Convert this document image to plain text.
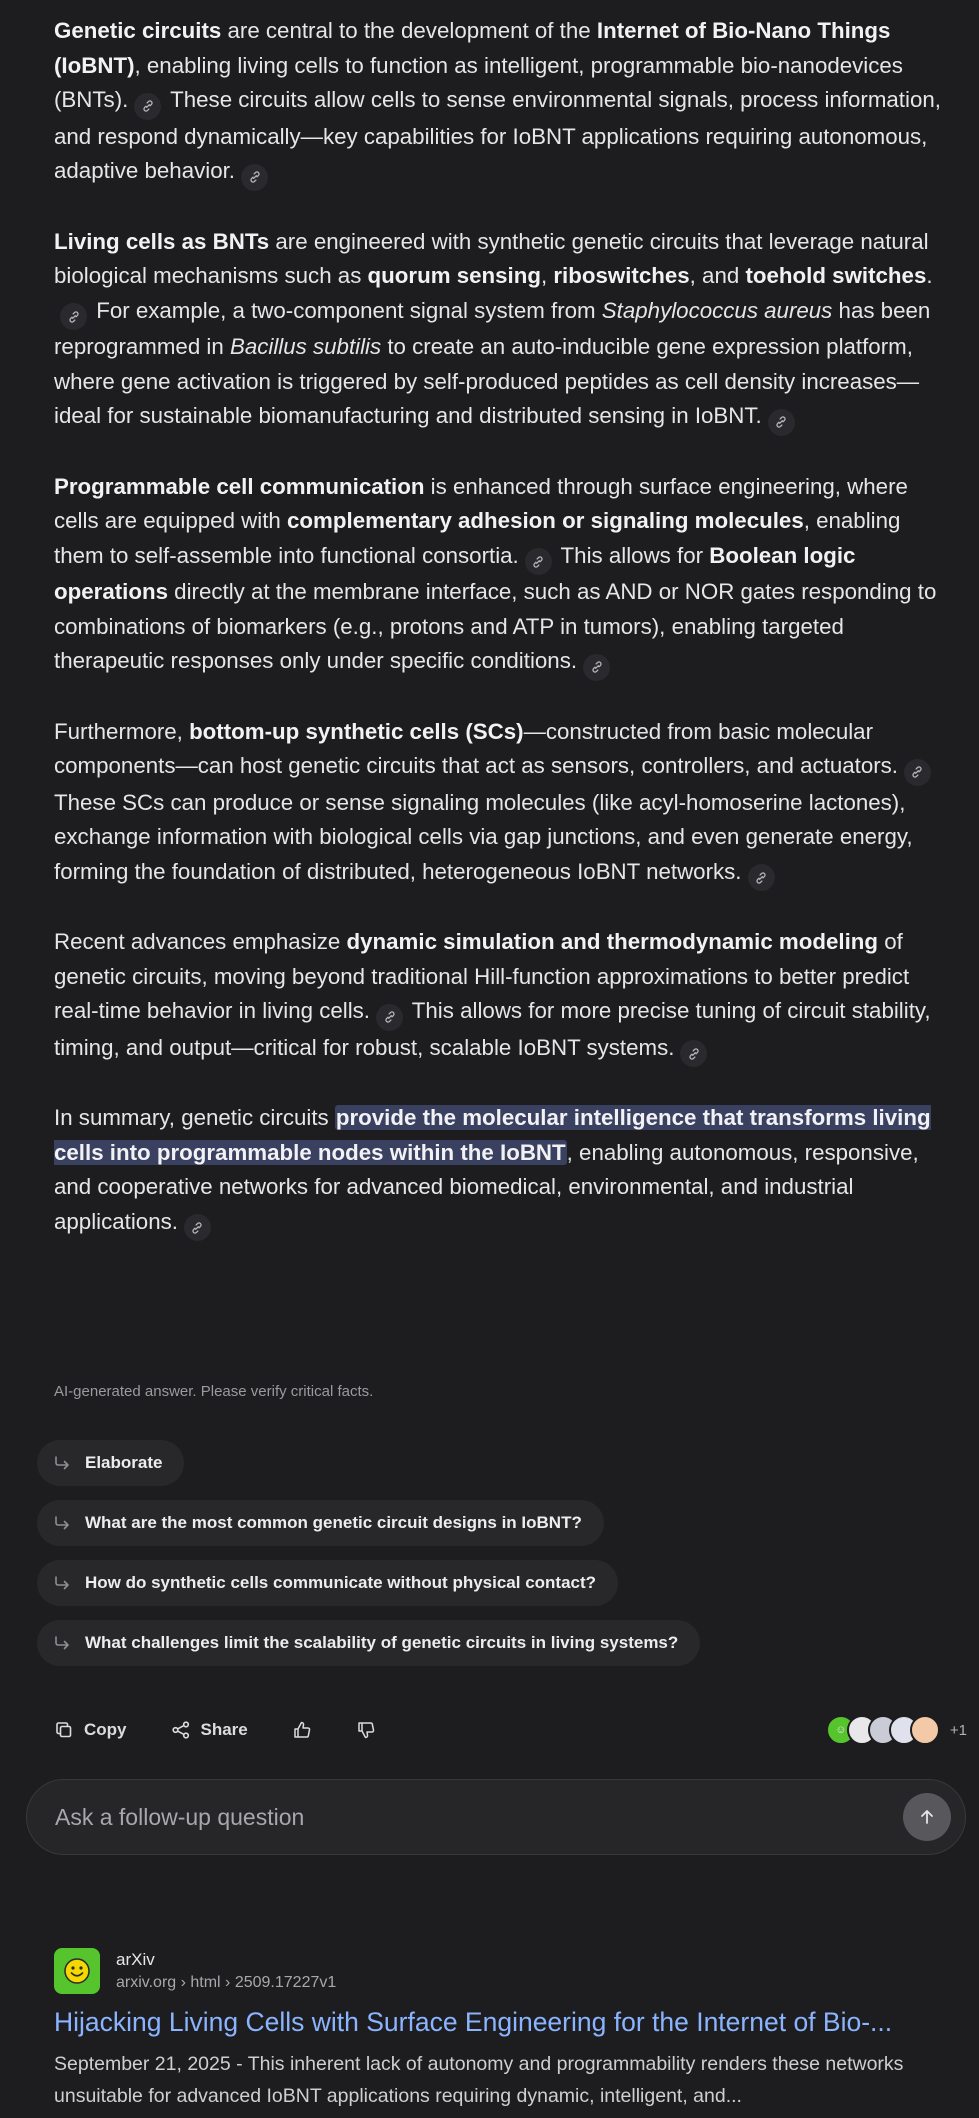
Genetic circuits are central to the development of the Internet of Bio-Nano Things (IoBNT), enabling living cells to function as intelligent, programmable bio-nanodevices (BNTs).
These circuits allow cells to sense environmental signals, process information, and respond dynamically—key capabilities for IoBNT applications requiring autonomous, adaptive behavior.

Living cells as BNTs are engineered with synthetic genetic circuits that leverage natural biological mechanisms such as quorum sensing, riboswitches, and toehold switches.
For example, a two-component signal system from Staphylococcus aureus has been reprogrammed in Bacillus subtilis to create an auto-inducible gene expression platform, where gene activation is triggered by self-produced peptides as cell density increases—ideal for sustainable biomanufacturing and distributed sensing in IoBNT.

Programmable cell communication is enhanced through surface engineering, where cells are equipped with complementary adhesion or signaling molecules, enabling them to self-assemble into functional consortia.
This allows for Boolean logic operations directly at the membrane interface, such as AND or NOR gates responding to combinations of biomarkers (e.g., protons and ATP in tumors), enabling targeted therapeutic responses only under specific conditions.

Furthermore, bottom-up synthetic cells (SCs)—constructed from basic molecular components—can host genetic circuits that act as sensors, controllers, and actuators.
These SCs can produce or sense signaling molecules (like acyl-homoserine lactones), exchange information with biological cells via gap junctions, and even generate energy, forming the foundation of distributed, heterogeneous IoBNT networks.

Recent advances emphasize dynamic simulation and thermodynamic modeling of genetic circuits, moving beyond traditional Hill-function approximations to better predict real-time behavior in living cells.
This allows for more precise tuning of circuit stability, timing, and output—critical for robust, scalable IoBNT systems.

In summary, genetic circuits provide the molecular intelligence that transforms living cells into programmable nodes within the IoBNT, enabling autonomous, responsive, and cooperative networks for advanced biomedical, environmental, and industrial applications.

AI-generated answer. Please verify critical facts.
Elaborate
What are the most common genetic circuit designs in IoBNT?
How do synthetic cells communicate without physical contact?
What challenges limit the scalability of genetic circuits in living systems?
Copy	Share	☺	+1
Ask a follow-up question
arXiv
arxiv.org › html › 2509.17227v1
Hijacking Living Cells with Surface Engineering for the Internet of Bio-...
September 21, 2025 - This inherent lack of autonomy and programmability renders these networks unsuitable for advanced IoBNT applications requiring dynamic, intelligent, and...
